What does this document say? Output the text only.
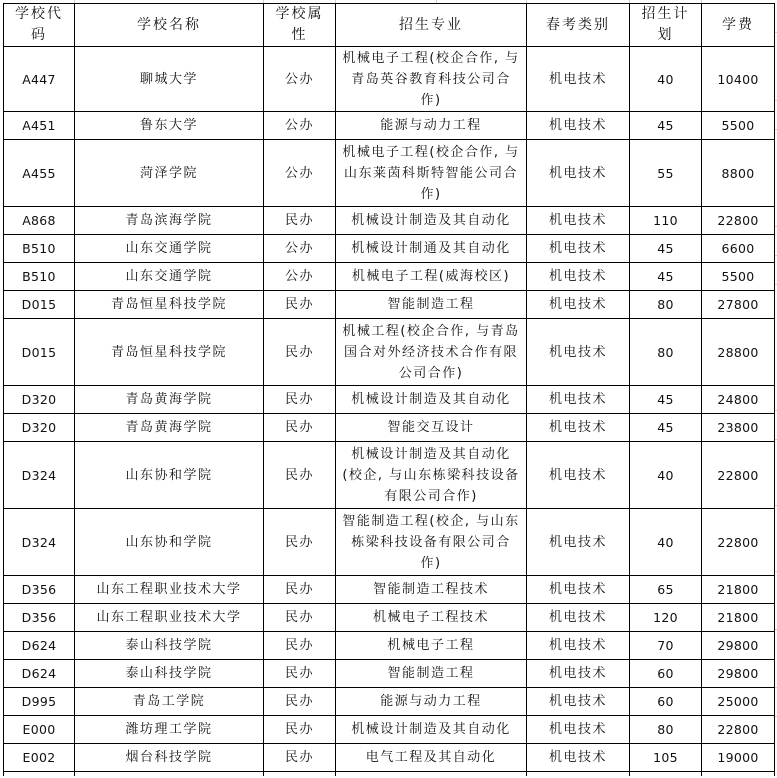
学校代码	学校名称	学校属性	招生专业	春考类别	招生计划	学费
A447	聊城大学	公办	机械电子工程(校企合作, 与青岛英谷教育科技公司合作)	机电技术	40	10400
A451	鲁东大学	公办	能源与动力工程	机电技术	45	5500
A455	菏泽学院	公办	机械电子工程(校企合作, 与山东莱茵科斯特智能公司合作)	机电技术	55	8800
A868	青岛滨海学院	民办	机械设计制造及其自动化	机电技术	110	22800
B510	山东交通学院	公办	机械设计制通及其自动化	机电技术	45	6600
B510	山东交通学院	公办	机械电子工程(威海校区)	机电技术	45	5500
D015	青岛恒星科技学院	民办	智能制造工程	机电技术	80	27800
D015	青岛恒星科技学院	民办	机械工程(校企合作, 与青岛国合对外经济技术合作有限公司合作)	机电技术	80	28800
D320	青岛黄海学院	民办	机械设计制造及其自动化	机电技术	45	24800
D320	青岛黄海学院	民办	智能交互设计	机电技术	45	23800
D324	山东协和学院	民办	机械设计制造及其自动化(校企, 与山东栋梁科技设备有限公司合作)	机电技术	40	22800
D324	山东协和学院	民办	智能制造工程(校企, 与山东栋梁科技设备有限公司合作)	机电技术	40	22800
D356	山东工程职业技术大学	民办	智能制造工程技术	机电技术	65	21800
D356	山东工程职业技术大学	民办	机械电子工程技术	机电技术	120	21800
D624	泰山科技学院	民办	机械电子工程	机电技术	70	29800
D624	泰山科技学院	民办	智能制造工程	机电技术	60	29800
D995	青岛工学院	民办	能源与动力工程	机电技术	60	25000
E000	潍坊理工学院	民办	机械设计制造及其自动化	机电技术	80	22800
E002	烟台科技学院	民办	电气工程及其自动化	机电技术	105	19000
